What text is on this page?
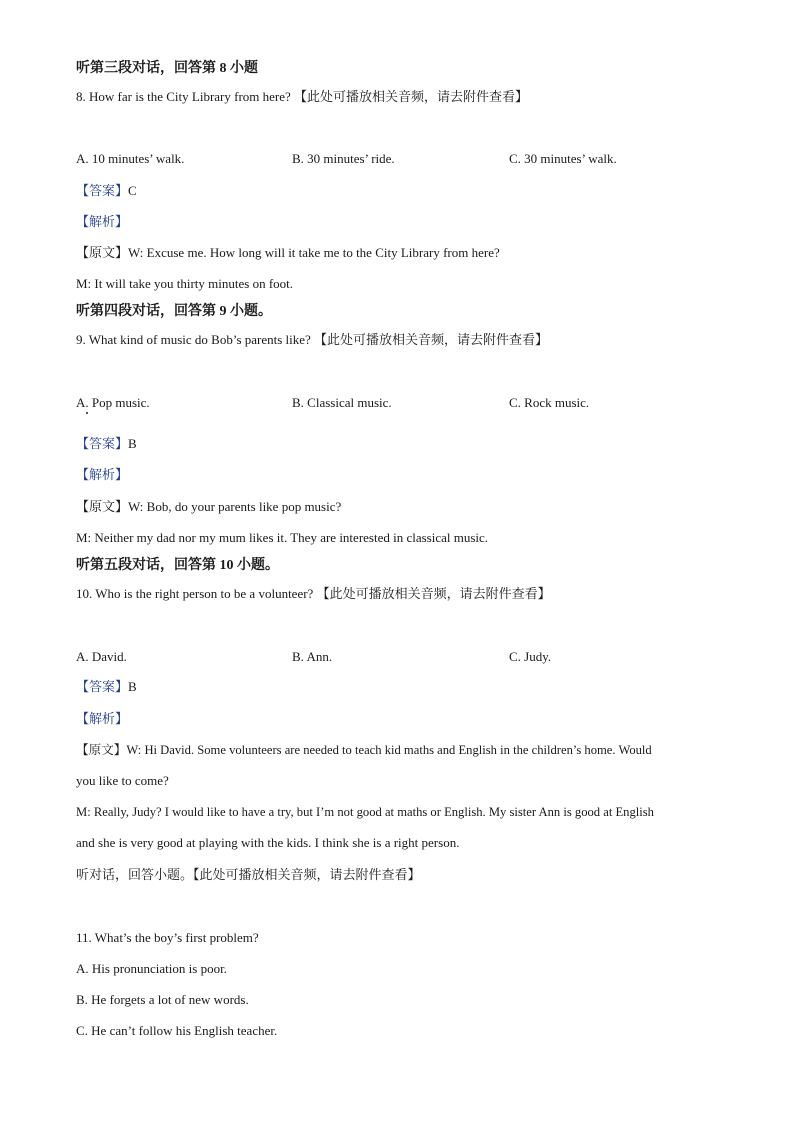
听第三段对话，回答第 8 小题
8. How far is the City Library from here? 【此处可播放相关音频，请去附件查看】
A. 10 minutes’ walk.	B. 30 minutes’ ride.	C. 30 minutes’ walk.
【答案】C
【解析】
【原文】W: Excuse me. How long will it take me to the City Library from here?
M: It will take you thirty minutes on foot.
听第四段对话，回答第 9 小题。
9. What kind of music do Bob’s parents like? 【此处可播放相关音频，请去附件查看】
A. Pop music.	B. Classical music.	C. Rock music.
【答案】B
【解析】
【原文】W: Bob, do your parents like pop music?
M: Neither my dad nor my mum likes it. They are interested in classical music.
听第五段对话，回答第 10 小题。
10. Who is the right person to be a volunteer? 【此处可播放相关音频，请去附件查看】
A. David.	B. Ann.	C. Judy.
【答案】B
【解析】
【原文】W: Hi David. Some volunteers are needed to teach kid maths and English in the children’s home. Would
you like to come?
M: Really, Judy? I would like to have a try, but I’m not good at maths or English. My sister Ann is good at English
and she is very good at playing with the kids. I think she is a right person.
听对话，回答小题。【此处可播放相关音频，请去附件查看】
11. What’s the boy’s first problem?
A. His pronunciation is poor.
B. He forgets a lot of new words.
C. He can’t follow his English teacher.
